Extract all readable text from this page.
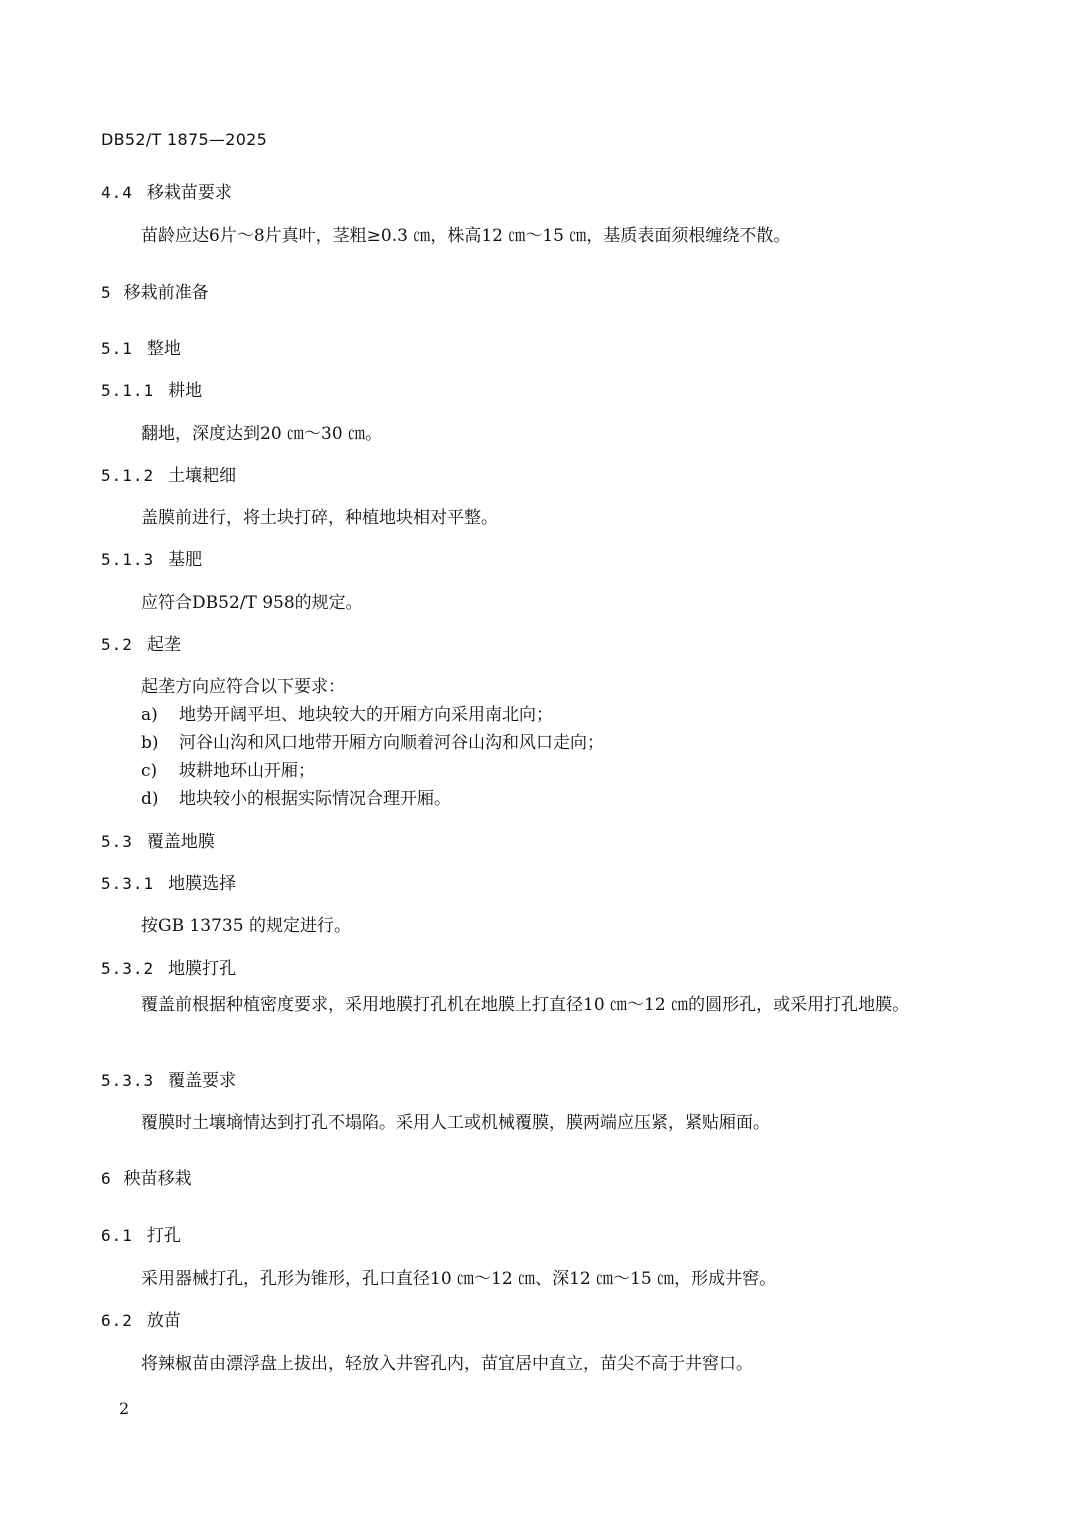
DB52/T 1875—2025
4.4 移栽苗要求
苗龄应达6片～8片真叶，茎粗≥0.3 ㎝，株高12 ㎝～15 ㎝，基质表面须根缠绕不散。
5 移栽前准备
5.1 整地
5.1.1 耕地
翻地，深度达到20 ㎝～30 ㎝。
5.1.2 土壤耙细
盖膜前进行，将土块打碎，种植地块相对平整。
5.1.3 基肥
应符合DB52/T 958的规定。
5.2 起垄
起垄方向应符合以下要求：
a) 地势开阔平坦、地块较大的开厢方向采用南北向；
b) 河谷山沟和风口地带开厢方向顺着河谷山沟和风口走向；
c) 坡耕地环山开厢；
d) 地块较小的根据实际情况合理开厢。
5.3 覆盖地膜
5.3.1 地膜选择
按GB 13735 的规定进行。
5.3.2 地膜打孔
覆盖前根据种植密度要求，采用地膜打孔机在地膜上打直径10 ㎝～12 ㎝的圆形孔，或采用打孔地膜。
5.3.3 覆盖要求
覆膜时土壤墒情达到打孔不塌陷。采用人工或机械覆膜，膜两端应压紧，紧贴厢面。
6 秧苗移栽
6.1 打孔
采用器械打孔，孔形为锥形，孔口直径10 ㎝～12 ㎝、深12 ㎝～15 ㎝，形成井窖。
6.2 放苗
将辣椒苗由漂浮盘上拔出，轻放入井窖孔内，苗宜居中直立，苗尖不高于井窖口。
2
